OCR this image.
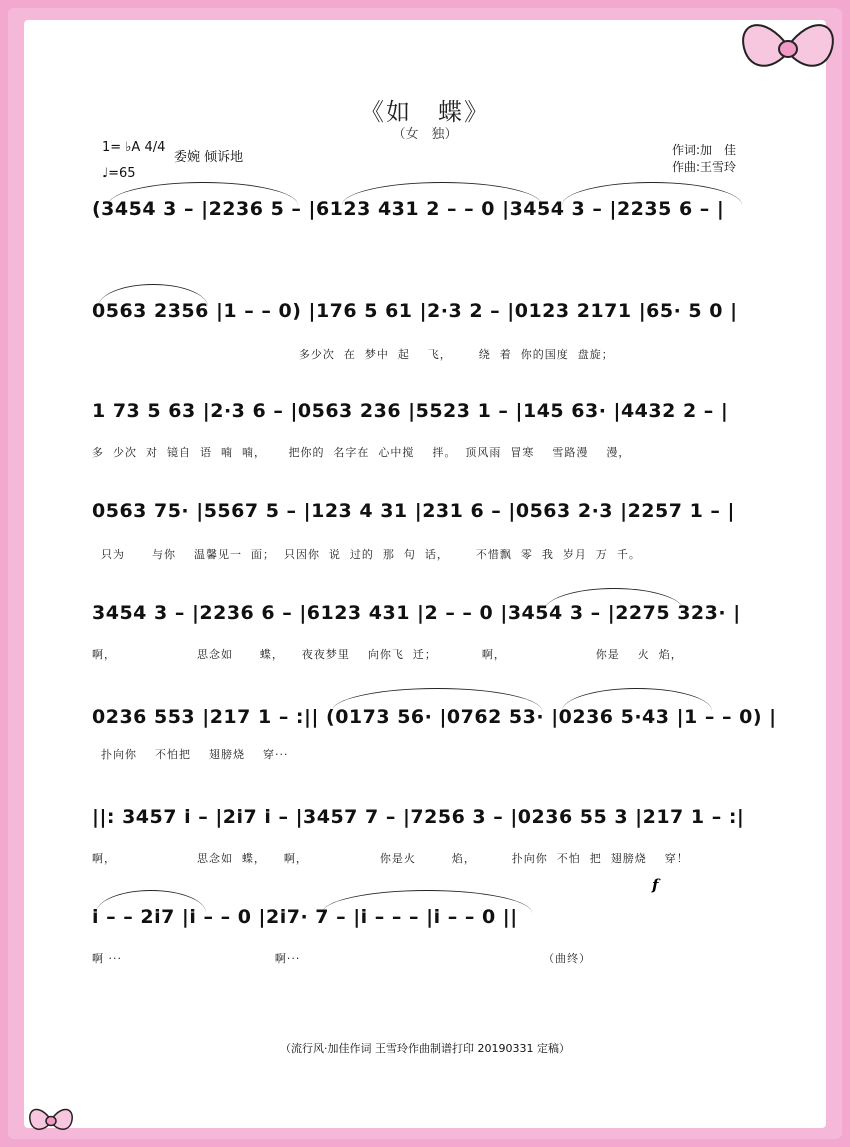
《如　蝶》
（女　独）
1= ♭A 4/4
委婉 倾诉地
♩=65
作词:加　佳
作曲:王雪玲
(3454 3 – |2236 5 – |6123 431 2 – – 0 |3454 3 – |2235 6 – |
0563 2356 |1 – – 0) |176 5 61 |2·3 2 – |0123 2171 |65· 5 0 |
多少次  在  梦中  起    飞，      绕  着  你的国度  盘旋；
1 73 5 63 |2·3 6 – |0563 236 |5523 1 – |145 63· |4432 2 – |
多  少次  对  镜自  语  喃  喃，     把你的  名字在  心中搅    拌。  顶风雨  冒寒    雪路漫    漫，
0563 75· |5567 5 – |123 4 31 |231 6 – |0563 2·3 |2257 1 – |
只为      与你    温馨见一  面；  只因你  说  过的  那  句  话，      不惜飘  零  我  岁月  万  千。
3454 3 – |2236 6 – |6123 431 |2 – – 0 |3454 3 – |2275 323· |
啊，                  思念如      蝶，    夜夜梦里    向你飞  迁；          啊，                    你是    火  焰，
0236 553 |217 1 – :|| (0173 56· |0762 53· |0236 5·43 |1 – – 0) |
扑向你    不怕把    翅膀烧    穿···
||: 3457 i – |2i7 i – |3457 7 – |7256 3 – |0236 55 3 |217 1 – :|
啊，                  思念如  蝶，    啊，                你是火        焰，        扑向你  不怕  把  翅膀烧    穿！
f
i – – 2i7 |i – – 0 |2i7· 7 – |i – – – |i – – 0 ||
啊 ···                                  啊···                                                      （曲终）
（流行风·加佳作词 王雪玲作曲制谱打印 20190331 定稿）
